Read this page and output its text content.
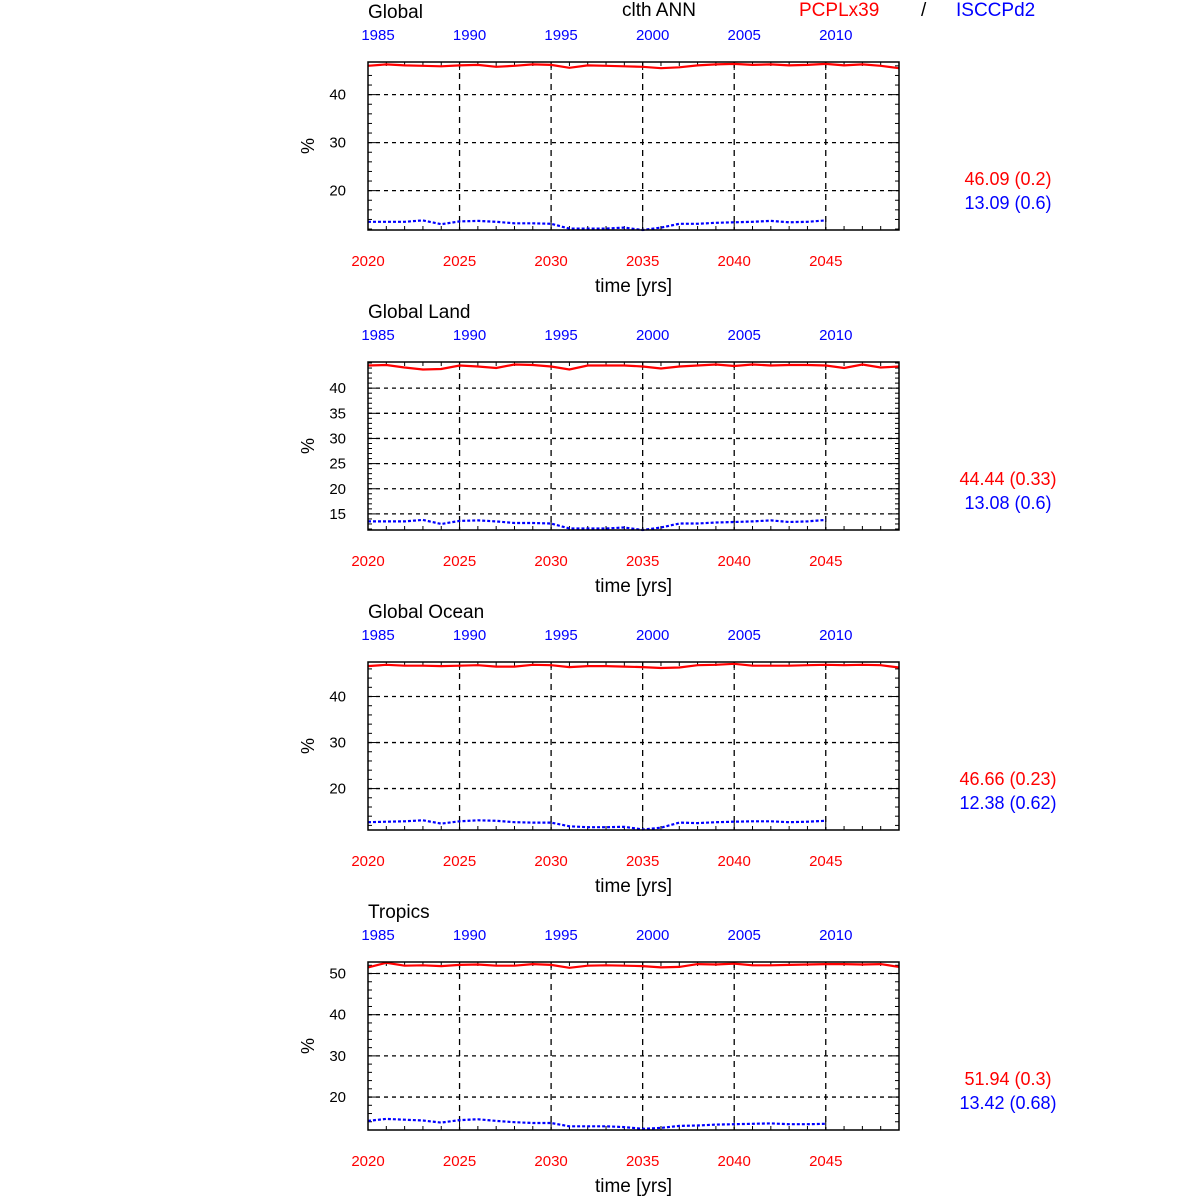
clth ANN	PCPLx39 / ISCCPd2
Global
20
30
40
%
2020	2025	2030	2035	2040	2045
1985	1990	1995	2000	2005	2010
time [yrs]
46.09 (0.2)
13.09 (0.6)
Global Land
15
20
25
30
35
40
%
2020	2025	2030	2035	2040	2045
1985	1990	1995	2000	2005	2010
time [yrs]
44.44 (0.33)
13.08 (0.6)
Global Ocean
20
30
40
%
2020	2025	2030	2035	2040	2045
1985	1990	1995	2000	2005	2010
time [yrs]
46.66 (0.23)
12.38 (0.62)
Tropics
20
30
40
50
%
2020	2025	2030	2035	2040	2045
1985	1990	1995	2000	2005	2010
time [yrs]
51.94 (0.3)
13.42 (0.68)
